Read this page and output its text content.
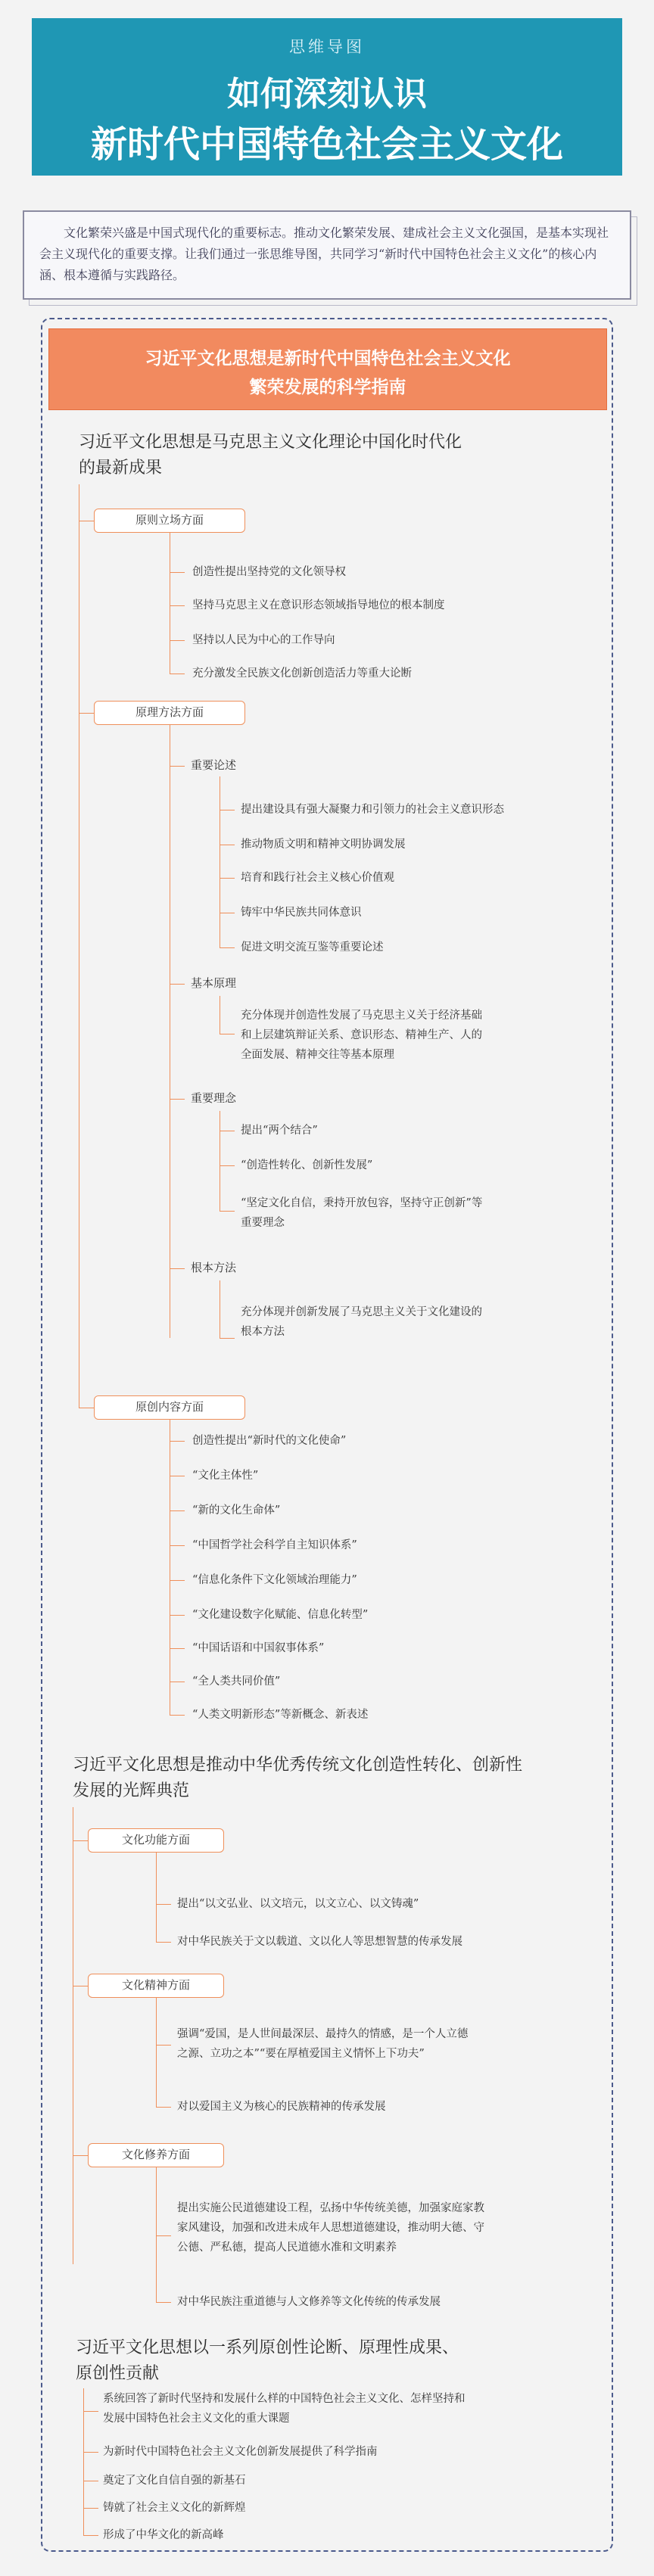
思维导图
如何深刻认识
新时代中国特色社会主义文化

文化繁荣兴盛是中国式现代化的重要标志。推动文化繁荣发展、建成社会主义文化强国，是基本实现社会主义现代化的重要支撑。让我们通过一张思维导图，共同学习“新时代中国特色社会主义文化”的核心内涵、根本遵循与实践路径。

习近平文化思想是新时代中国特色社会主义文化
繁荣发展的科学指南
习近平文化思想是马克思主义文化理论中国化时代化
的最新成果
原则立场方面
创造性提出坚持党的文化领导权
坚持马克思主义在意识形态领域指导地位的根本制度
坚持以人民为中心的工作导向
充分激发全民族文化创新创造活力等重大论断
原理方法方面
重要论述
提出建设具有强大凝聚力和引领力的社会主义意识形态
推动物质文明和精神文明协调发展
培育和践行社会主义核心价值观
铸牢中华民族共同体意识
促进文明交流互鉴等重要论述
基本原理
充分体现并创造性发展了马克思主义关于经济基础
和上层建筑辩证关系、意识形态、精神生产、人的
全面发展、精神交往等基本原理
重要理念
提出“两个结合”
“创造性转化、创新性发展”
“坚定文化自信，秉持开放包容，坚持守正创新”等
重要理念
根本方法
充分体现并创新发展了马克思主义关于文化建设的
根本方法
原创内容方面
创造性提出“新时代的文化使命”
“文化主体性”
“新的文化生命体”
“中国哲学社会科学自主知识体系”
“信息化条件下文化领域治理能力”
“文化建设数字化赋能、信息化转型”
“中国话语和中国叙事体系”
“全人类共同价值”
“人类文明新形态”等新概念、新表述
习近平文化思想是推动中华优秀传统文化创造性转化、创新性
发展的光辉典范
文化功能方面
提出“以文弘业、以文培元，以文立心、以文铸魂”
对中华民族关于文以载道、文以化人等思想智慧的传承发展
文化精神方面
强调“爱国，是人世间最深层、最持久的情感，是一个人立德
之源、立功之本”“要在厚植爱国主义情怀上下功夫”
对以爱国主义为核心的民族精神的传承发展
文化修养方面
提出实施公民道德建设工程，弘扬中华传统美德，加强家庭家教
家风建设，加强和改进未成年人思想道德建设，推动明大德、守
公德、严私德，提高人民道德水准和文明素养
对中华民族注重道德与人文修养等文化传统的传承发展
习近平文化思想以一系列原创性论断、原理性成果、
原创性贡献
系统回答了新时代坚持和发展什么样的中国特色社会主义文化、怎样坚持和
发展中国特色社会主义文化的重大课题
为新时代中国特色社会主义文化创新发展提供了科学指南
奠定了文化自信自强的新基石
铸就了社会主义文化的新辉煌
形成了中华文化的新高峰
